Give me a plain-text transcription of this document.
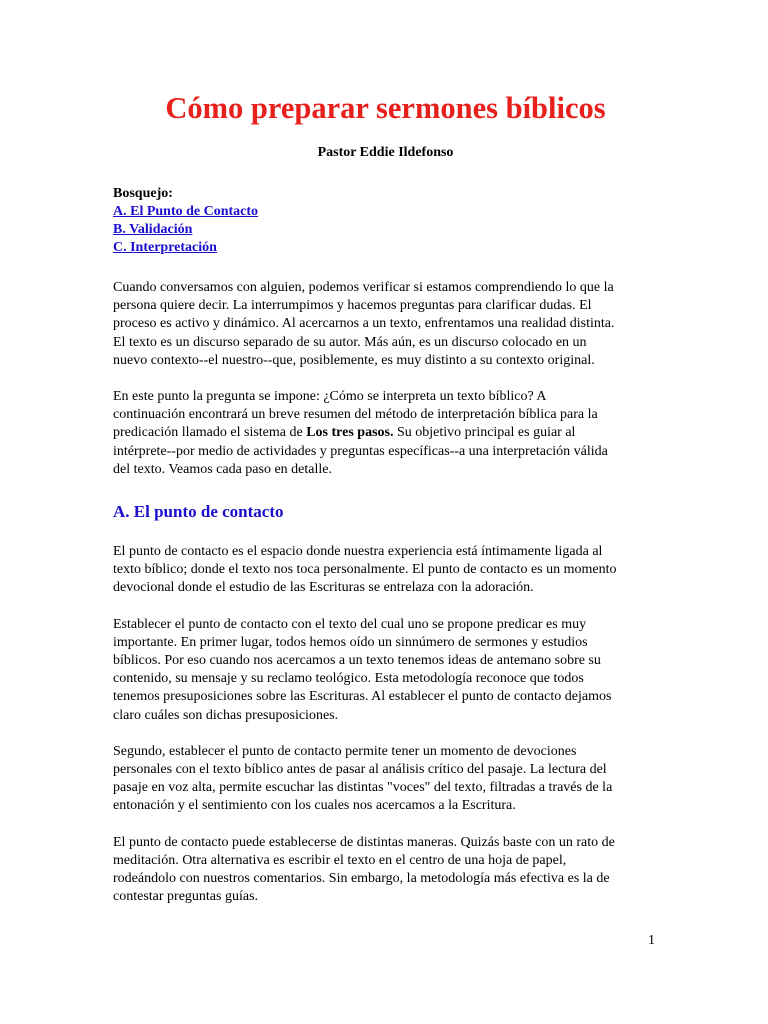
Cómo preparar sermones bíblicos
Pastor Eddie Ildefonso
Bosquejo:
A. El Punto de Contacto
B. Validación
C. Interpretación

Cuando conversamos con alguien, podemos verificar si estamos comprendiendo lo que la
persona quiere decir. La interrumpimos y hacemos preguntas para clarificar dudas. El
proceso es activo y dinámico. Al acercarnos a un texto, enfrentamos una realidad distinta.
El texto es un discurso separado de su autor. Más aún, es un discurso colocado en un
nuevo contexto--el nuestro--que, posiblemente, es muy distinto a su contexto original.

En este punto la pregunta se impone: ¿Cómo se interpreta un texto bíblico? A
continuación encontrará un breve resumen del método de interpretación bíblica para la
predicación llamado el sistema de Los tres pasos. Su objetivo principal es guiar al
intérprete--por medio de actividades y preguntas específicas--a una interpretación válida
del texto. Veamos cada paso en detalle.

A. El punto de contacto

El punto de contacto es el espacio donde nuestra experiencia está íntimamente ligada al
texto bíblico; donde el texto nos toca personalmente. El punto de contacto es un momento
devocional donde el estudio de las Escrituras se entrelaza con la adoración.

Establecer el punto de contacto con el texto del cual uno se propone predicar es muy
importante. En primer lugar, todos hemos oído un sinnúmero de sermones y estudios
bíblicos. Por eso cuando nos acercamos a un texto tenemos ideas de antemano sobre su
contenido, su mensaje y su reclamo teológico. Esta metodología reconoce que todos
tenemos presuposiciones sobre las Escrituras. Al establecer el punto de contacto dejamos
claro cuáles son dichas presuposiciones.

Segundo, establecer el punto de contacto permite tener un momento de devociones
personales con el texto bíblico antes de pasar al análisis crítico del pasaje. La lectura del
pasaje en voz alta, permite escuchar las distintas "voces" del texto, filtradas a través de la
entonación y el sentimiento con los cuales nos acercamos a la Escritura.

El punto de contacto puede establecerse de distintas maneras. Quizás baste con un rato de
meditación. Otra alternativa es escribir el texto en el centro de una hoja de papel,
rodeándolo con nuestros comentarios. Sin embargo, la metodología más efectiva es la de
contestar preguntas guías.

1
